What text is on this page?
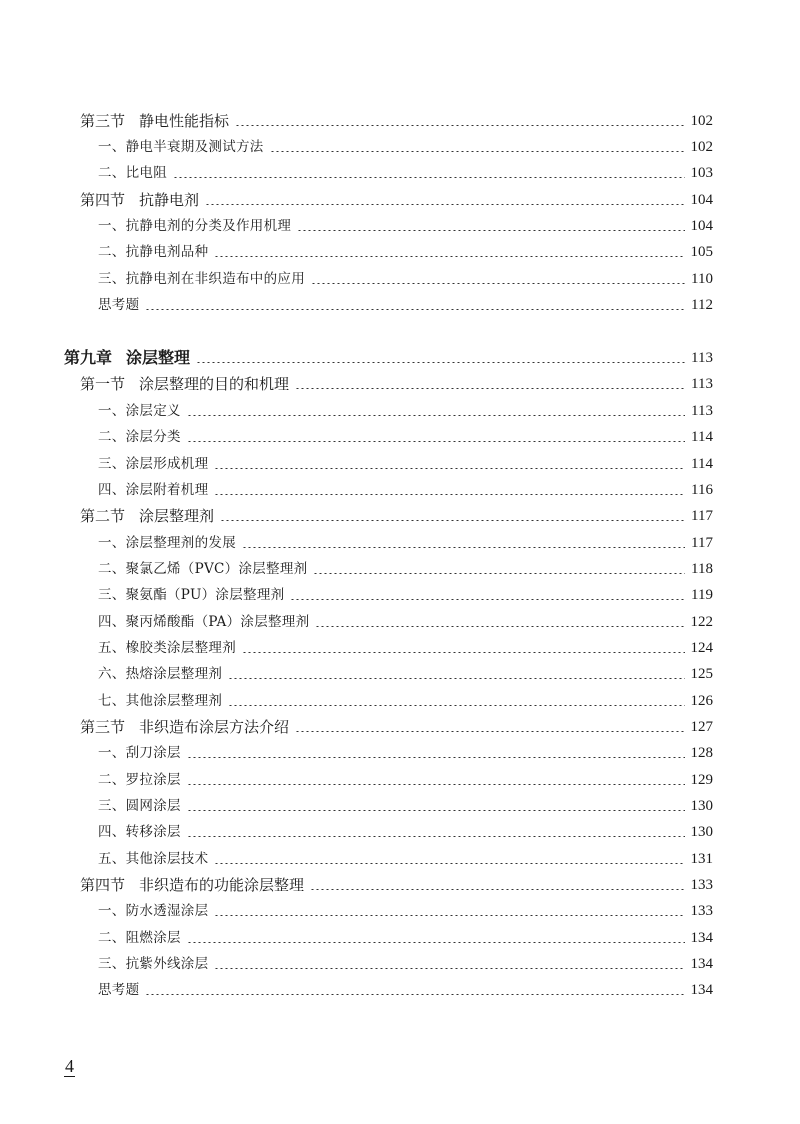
第三节 静电性能指标	102
一、静电半衰期及测试方法	102
二、比电阻	103
第四节 抗静电剂	104
一、抗静电剂的分类及作用机理	104
二、抗静电剂品种	105
三、抗静电剂在非织造布中的应用	110
思考题	112
第九章 涂层整理	113
第一节 涂层整理的目的和机理	113
一、涂层定义	113
二、涂层分类	114
三、涂层形成机理	114
四、涂层附着机理	116
第二节 涂层整理剂	117
一、涂层整理剂的发展	117
二、聚氯乙烯（PVC）涂层整理剂	118
三、聚氨酯（PU）涂层整理剂	119
四、聚丙烯酸酯（PA）涂层整理剂	122
五、橡胶类涂层整理剂	124
六、热熔涂层整理剂	125
七、其他涂层整理剂	126
第三节 非织造布涂层方法介绍	127
一、刮刀涂层	128
二、罗拉涂层	129
三、圆网涂层	130
四、转移涂层	130
五、其他涂层技术	131
第四节 非织造布的功能涂层整理	133
一、防水透湿涂层	133
二、阻燃涂层	134
三、抗紫外线涂层	134
思考题	134
4
